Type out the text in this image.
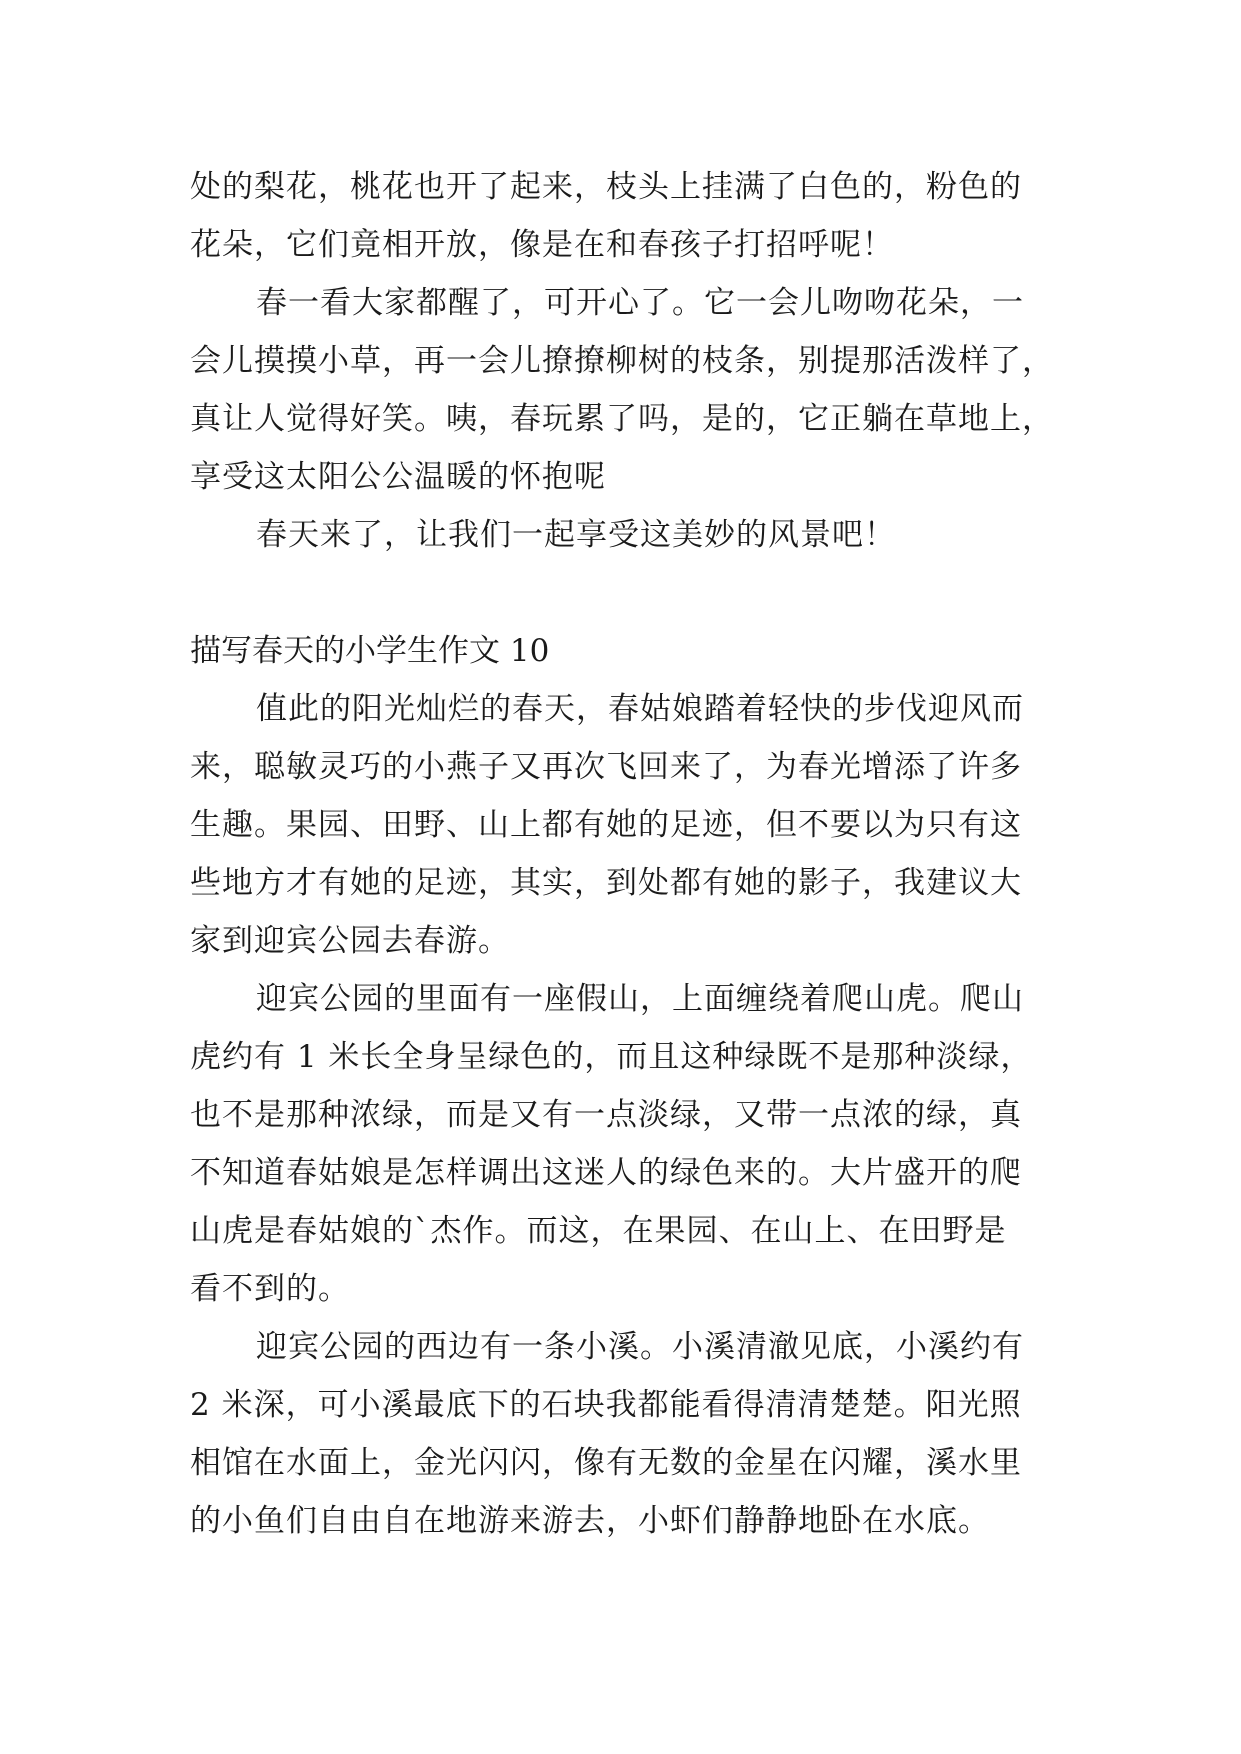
处的梨花，桃花也开了起来，枝头上挂满了白色的，粉色的
花朵，它们竟相开放，像是在和春孩子打招呼呢！
春一看大家都醒了，可开心了。它一会儿吻吻花朵，一
会儿摸摸小草，再一会儿撩撩柳树的枝条，别提那活泼样了，
真让人觉得好笑。咦，春玩累了吗，是的，它正躺在草地上，
享受这太阳公公温暖的怀抱呢
春天来了，让我们一起享受这美妙的风景吧！
描写春天的小学生作文 10
值此的阳光灿烂的春天，春姑娘踏着轻快的步伐迎风而
来，聪敏灵巧的小燕子又再次飞回来了，为春光增添了许多
生趣。果园、田野、山上都有她的足迹，但不要以为只有这
些地方才有她的足迹，其实，到处都有她的影子，我建议大
家到迎宾公园去春游。
迎宾公园的里面有一座假山，上面缠绕着爬山虎。爬山
虎约有 1 米长全身呈绿色的，而且这种绿既不是那种淡绿，
也不是那种浓绿，而是又有一点淡绿，又带一点浓的绿，真
不知道春姑娘是怎样调出这迷人的绿色来的。大片盛开的爬
山虎是春姑娘的`杰作。而这，在果园、在山上、在田野是
看不到的。
迎宾公园的西边有一条小溪。小溪清澈见底，小溪约有
2 米深，可小溪最底下的石块我都能看得清清楚楚。阳光照
相馆在水面上，金光闪闪，像有无数的金星在闪耀，溪水里
的小鱼们自由自在地游来游去，小虾们静静地卧在水底。
